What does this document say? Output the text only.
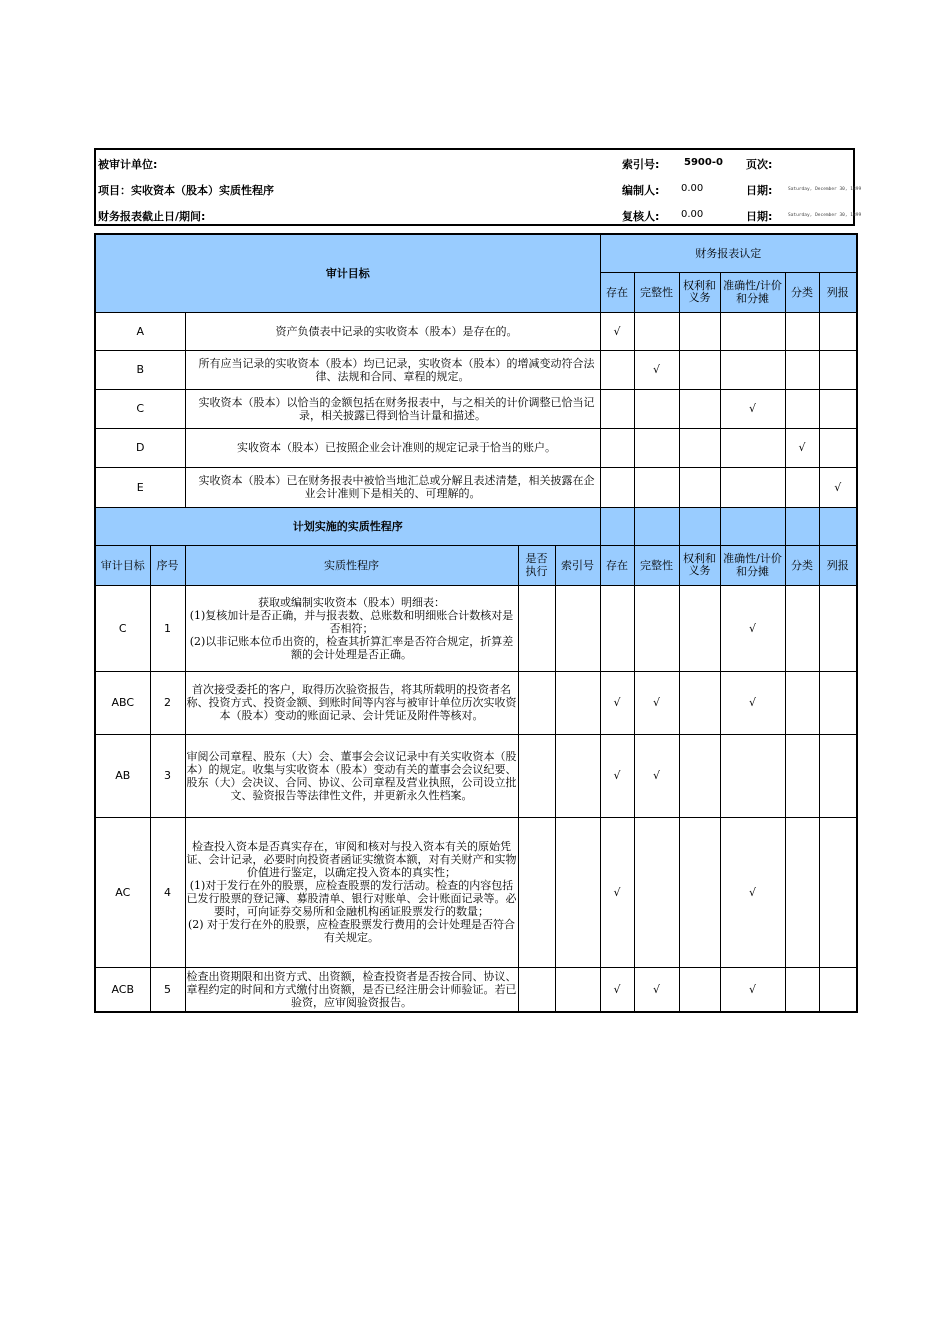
被审计单位:
项目：实收资本（股本）实质性程序
财务报表截止日/期间:
索引号: 5900-0 页次:
编制人: 0.00	日期:	Saturday, December 30, 1899
复核人: 0.00	日期:	Saturday, December 30, 1899
审计目标					财务报表认定					
					存在	完整性	权利和义务	准确性/计价和分摊	分类	列报
A		资产负债表中记录的实收资本（股本）是存在的。			√					
B		所有应当记录的实收资本（股本）均已记录，实收资本（股本）的增减变动符合法律、法规和合同、章程的规定。				√				
C		实收资本（股本）以恰当的金额包括在财务报表中，与之相关的计价调整已恰当记录，相关披露已得到恰当计量和描述。						√		
D		实收资本（股本）已按照企业会计准则的规定记录于恰当的账户。							√	
E		实收资本（股本）已在财务报表中被恰当地汇总或分解且表述清楚，相关披露在企业会计准则下是相关的、可理解的。								√
计划实施的实质性程序										
审计目标	序号	实质性程序	是否执行	索引号	存在	完整性	权利和义务	准确性/计价和分摊	分类	列报
C	1	获取或编制实收资本（股本）明细表：
(1)复核加计是否正确，并与报表数、总账数和明细账合计数核对是否相符；
(2)以非记账本位币出资的，检查其折算汇率是否符合规定，折算差额的会计处理是否正确。						√		
ABC	2	首次接受委托的客户，取得历次验资报告，将其所载明的投资者名称、投资方式、投资金额、到账时间等内容与被审计单位历次实收资本（股本）变动的账面记录、会计凭证及附件等核对。			√	√		√		
AB	3	审阅公司章程、股东（大）会、董事会会议记录中有关实收资本（股本）的规定。收集与实收资本（股本）变动有关的董事会会议纪要、股东（大）会决议、合同、协议、公司章程及营业执照，公司设立批文、验资报告等法律性文件，并更新永久性档案。			√	√				
AC	4	检查投入资本是否真实存在，审阅和核对与投入资本有关的原始凭证、会计记录，必要时向投资者函证实缴资本额，对有关财产和实物价值进行鉴定，以确定投入资本的真实性；
(1)对于发行在外的股票，应检查股票的发行活动。检查的内容包括已发行股票的登记簿、募股清单、银行对账单、会计账面记录等。必要时，可向证券交易所和金融机构函证股票发行的数量；
(2) 对于发行在外的股票，应检查股票发行费用的会计处理是否符合有关规定。			√			√		
ACB	5	检查出资期限和出资方式、出资额，检查投资者是否按合同、协议、章程约定的时间和方式缴付出资额，是否已经注册会计师验证。若已验资，应审阅验资报告。			√	√		√		
